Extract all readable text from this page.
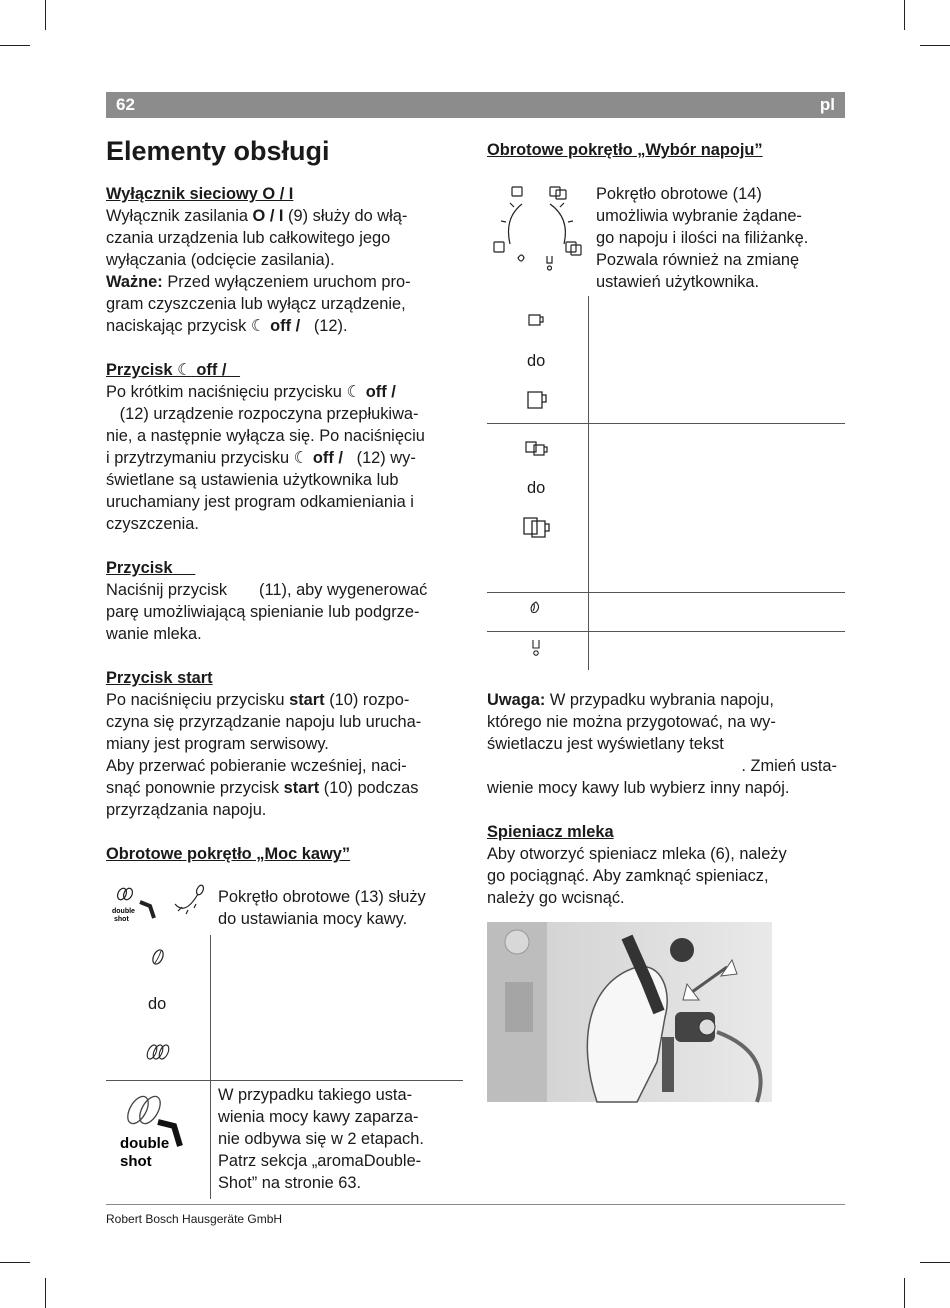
62	pl
Elementy obsługi

Wyłącznik sieciowy O / I

Wyłącznik zasilania O / I (9) służy do włą-

czania urządzenia lub całkowitego jego

wyłączania (odcięcie zasilania).

Ważne: Przed wyłączeniem uruchom pro-

gram czyszczenia lub wyłącz urządzenie,

naciskając przycisk ☾ off / (12).

Przycisk ☾ off /

Po krótkim naciśnięciu przycisku ☾ off /

(12) urządzenie rozpoczyna przepłukiwa-

nie, a następnie wyłącza się. Po naciśnięciu

i przytrzymaniu przycisku ☾ off / (12) wy-

świetlane są ustawienia użytkownika lub

uruchamiany jest program odkamieniania i

czyszczenia.

Przycisk

Naciśnij przycisk (11), aby wygenerować

parę umożliwiającą spienianie lub podgrze-

wanie mleka.

Przycisk start

Po naciśnięciu przycisku start (10) rozpo-

czyna się przyrządzanie napoju lub urucha-

miany jest program serwisowy.

Aby przerwać pobieranie wcześniej, naci-

snąć ponownie przycisk start (10) podczas

przyrządzania napoju.

Obrotowe pokrętło „Moc kawy”

double
shot

Pokrętło obrotowe (13) służy

do ustawiania mocy kawy.

do
double
shot

W przypadku takiego usta-

wienia mocy kawy zaparza-

nie odbywa się w 2 etapach.

Patrz sekcja „aromaDouble-

Shot” na stronie 63.

Obrotowe pokrętło „Wybór napoju”

Pokrętło obrotowe (14)

umożliwia wybranie żądane-

go napoju i ilości na filiżankę.

Pozwala również na zmianę

ustawień użytkownika.

do
do

Uwaga: W przypadku wybrania napoju,

którego nie można przygotować, na wy-

świetlaczu jest wyświetlany tekst

. Zmień usta-

wienie mocy kawy lub wybierz inny napój.

Spieniacz mleka

Aby otworzyć spieniacz mleka (6), należy

go pociągnąć. Aby zamknąć spieniacz,

należy go wcisnąć.

Robert Bosch Hausgeräte GmbH
